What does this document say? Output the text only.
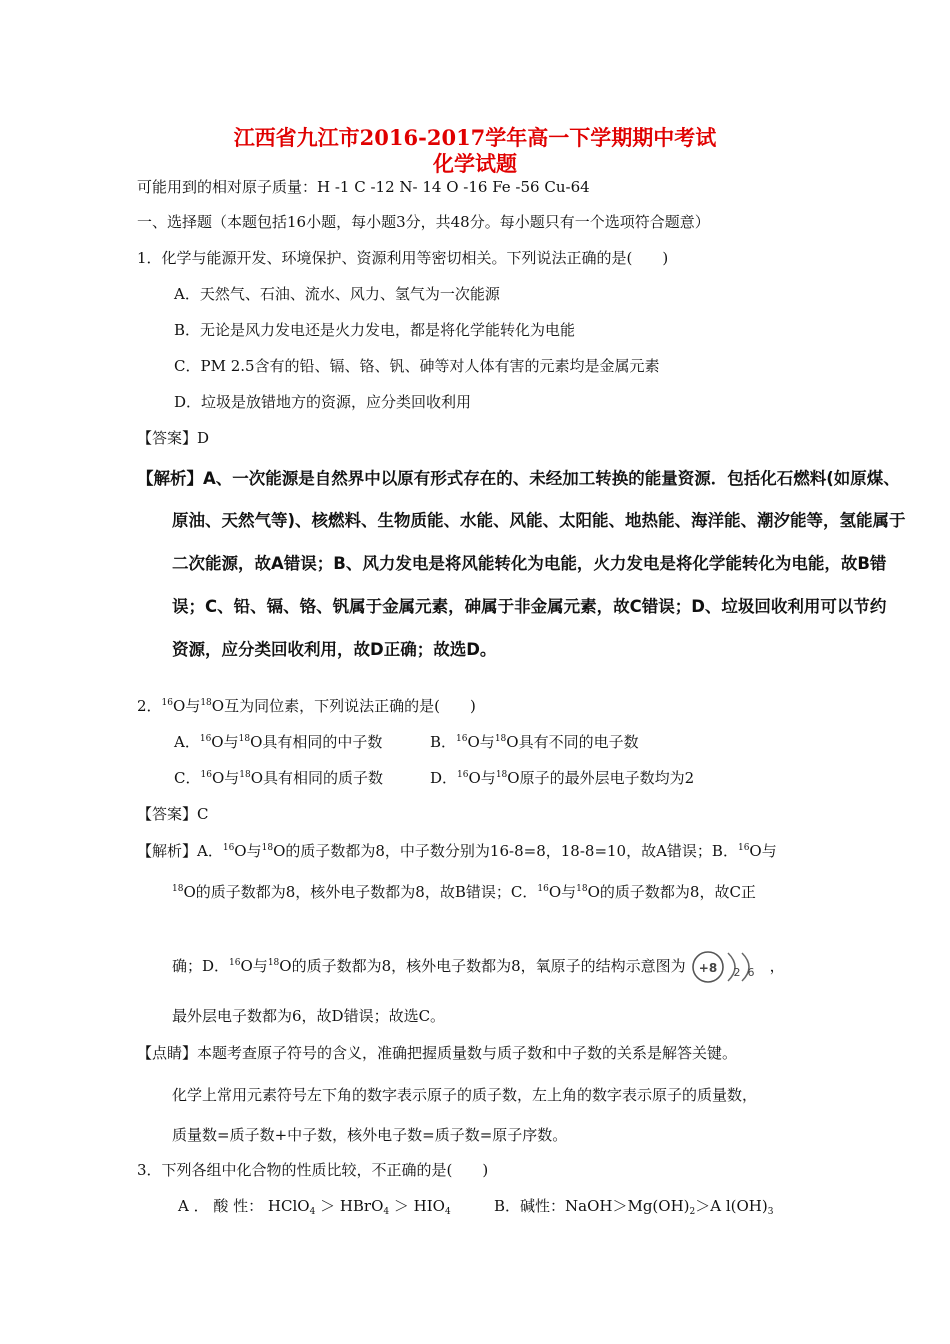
江西省九江市2016-2017学年高一下学期期中考试
化学试题
可能用到的相对原子质量：H -1 C -12 N- 14 O -16 Fe -56 Cu-64
一、选择题（本题包括16小题，每小题3分，共48分。每小题只有一个选项符合题意）
1．化学与能源开发、环境保护、资源利用等密切相关。下列说法正确的是(　　)
A．天然气、石油、流水、风力、氢气为一次能源
B．无论是风力发电还是火力发电，都是将化学能转化为电能
C．PM 2.5含有的铅、镉、铬、钒、砷等对人体有害的元素均是金属元素
D．垃圾是放错地方的资源，应分类回收利用
【答案】D
【解析】A、一次能源是自然界中以原有形式存在的、未经加工转换的能量资源．包括化石燃料(如原煤、
原油、天然气等)、核燃料、生物质能、水能、风能、太阳能、地热能、海洋能、潮汐能等，氢能属于
二次能源，故A错误；B、风力发电是将风能转化为电能，火力发电是将化学能转化为电能，故B错
误；C、铅、镉、铬、钒属于金属元素，砷属于非金属元素，故C错误；D、垃圾回收利用可以节约
资源，应分类回收利用，故D正确；故选D。
2．$^{16}$O与$^{18}$O互为同位素，下列说法正确的是(　　)
A．$^{16}$O与$^{18}$O具有相同的中子数	B．$^{16}$O与$^{18}$O具有不同的电子数
C．$^{16}$O与$^{18}$O具有相同的质子数	D．$^{16}$O与$^{18}$O原子的最外层电子数均为2
【答案】C
【解析】A．$^{16}$O与$^{18}$O的质子数都为8，中子数分别为16-8=8，18-8=10，故A错误；B．$^{16}$O与
$^{18}$O的质子数都为8，核外电子数都为8，故B错误；C．$^{16}$O与$^{18}$O的质子数都为8，故C正
确；D．$^{16}$O与$^{18}$O的质子数都为8，核外电子数都为8，氧原子的结构示意图为 +8 2 6 ，
最外层电子数都为6，故D错误；故选C。
【点睛】本题考查原子符号的含义，准确把握质量数与质子数和中子数的关系是解答关键。
化学上常用元素符号左下角的数字表示原子的质子数，左上角的数字表示原子的质量数，
质量数=质子数+中子数，核外电子数=质子数=原子序数。
3．下列各组中化合物的性质比较，不正确的是(　　)
A ． 酸 性： HClO$_4$ ＞ HBrO$_4$ ＞ $HIO_4$	B．碱性：$NaOH>Mg(OH)_2>A$ $l(OH)_3$
